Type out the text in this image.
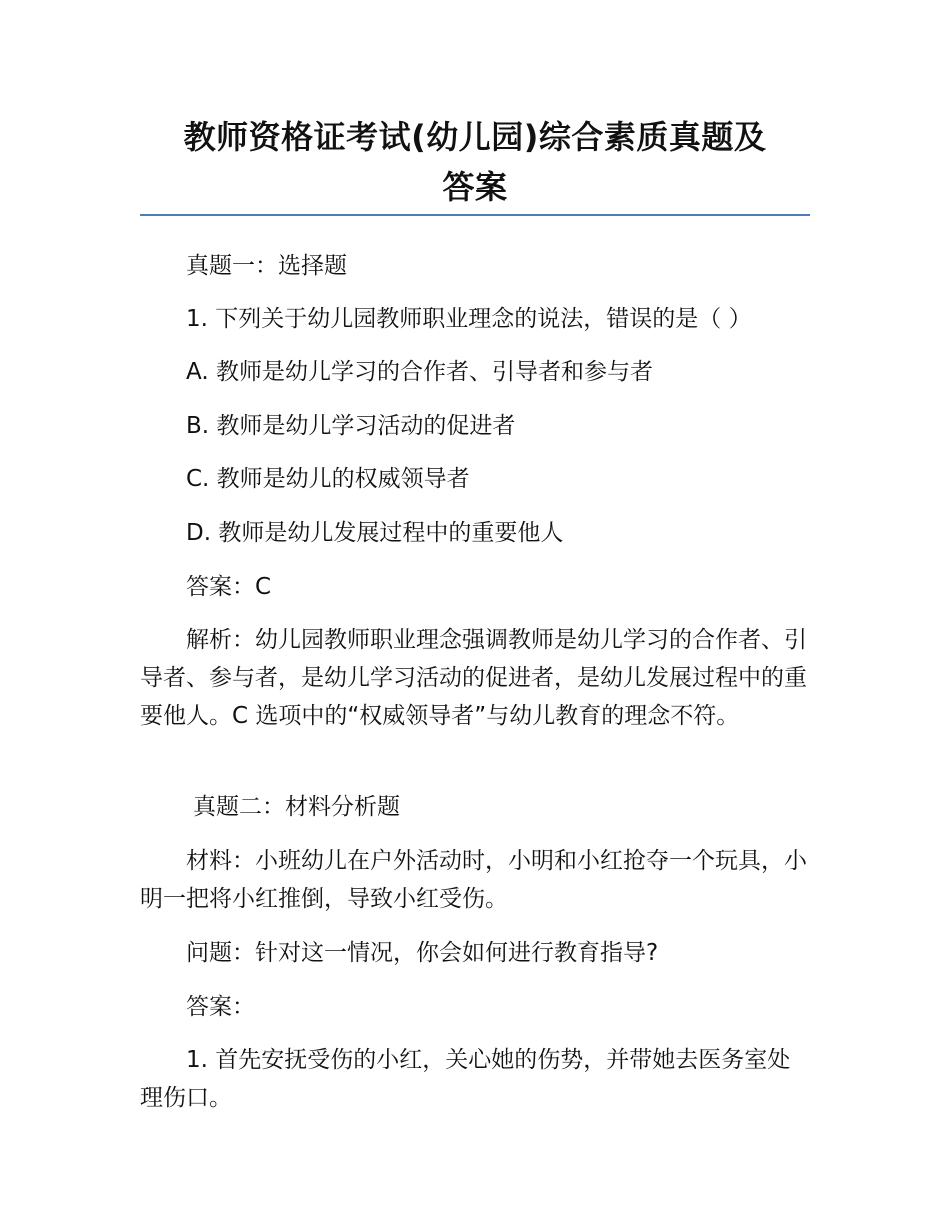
教师资格证考试(幼儿园)综合素质真题及
答案

真题一：选择题

1. 下列关于幼儿园教师职业理念的说法，错误的是（ ）

A. 教师是幼儿学习的合作者、引导者和参与者

B. 教师是幼儿学习活动的促进者

C. 教师是幼儿的权威领导者

D. 教师是幼儿发展过程中的重要他人

答案：C

解析：幼儿园教师职业理念强调教师是幼儿学习的合作者、引导者、参与者，是幼儿学习活动的促进者，是幼儿发展过程中的重要他人。C 选项中的“权威领导者”与幼儿教育的理念不符。

真题二：材料分析题

材料：小班幼儿在户外活动时，小明和小红抢夺一个玩具，小明一把将小红推倒，导致小红受伤。

问题：针对这一情况，你会如何进行教育指导?

答案：

1. 首先安抚受伤的小红，关心她的伤势，并带她去医务室处理伤口。
